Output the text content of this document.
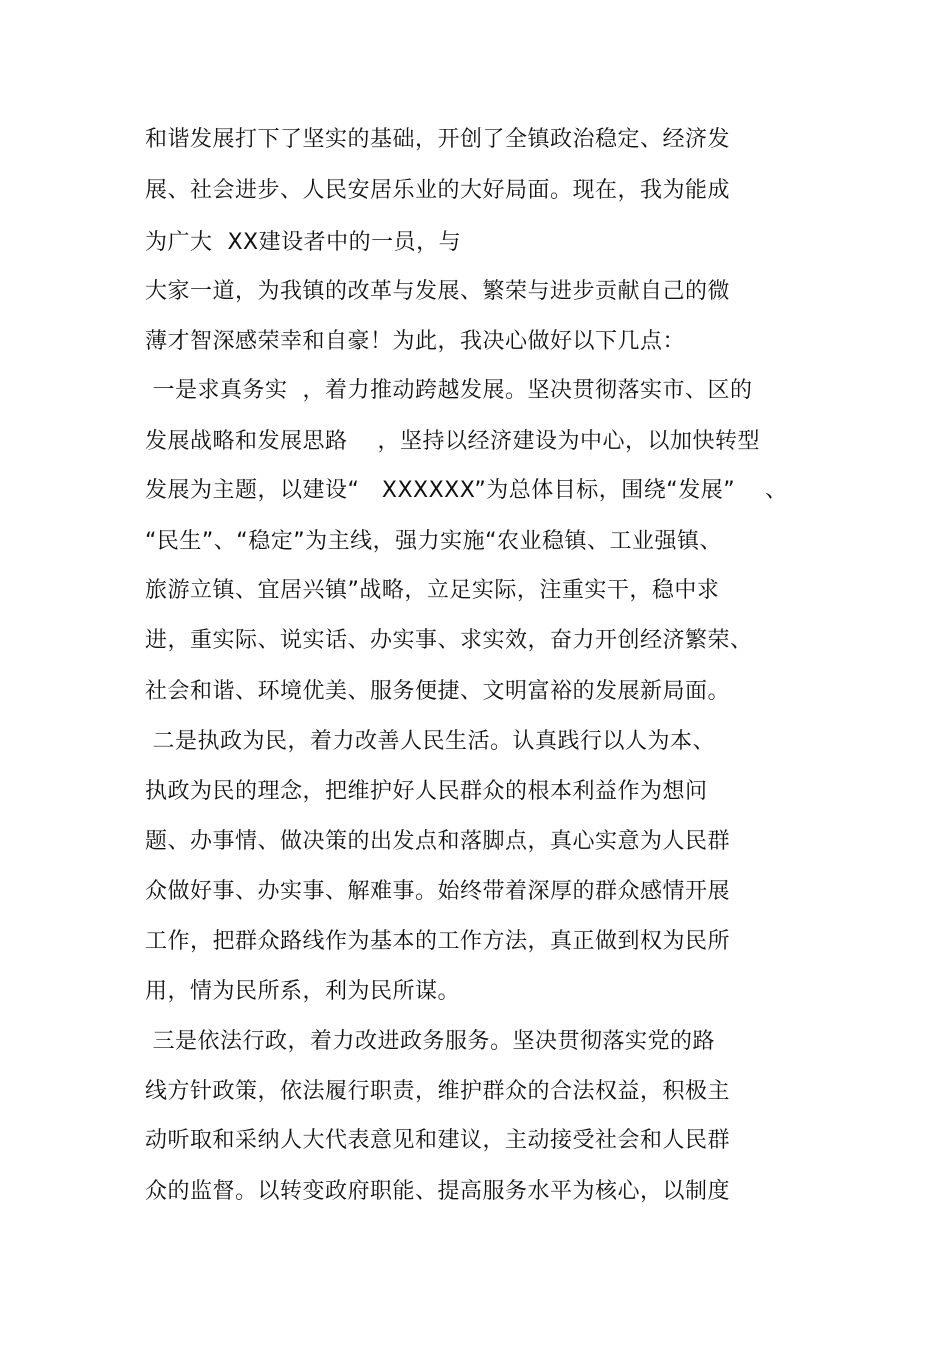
和谐发展打下了坚实的基础，开创了全镇政治稳定、经济发
展、社会进步、人民安居乐业的大好局面。现在，我为能成
为广大  XX建设者中的一员，与
大家一道，为我镇的改革与发展、繁荣与进步贡献自己的微
薄才智深感荣幸和自豪！为此，我决心做好以下几点：
一是求真务实  ，着力推动跨越发展。坚决贯彻落实市、区的
发展战略和发展思路    ，坚持以经济建设为中心，以加快转型
发展为主题，以建设“   XXXXXX”为总体目标，围绕“发展”    、
“民生”、“稳定”为主线，强力实施“农业稳镇、工业强镇、
旅游立镇、宜居兴镇”战略，立足实际，注重实干，稳中求
进，重实际、说实话、办实事、求实效，奋力开创经济繁荣、
社会和谐、环境优美、服务便捷、文明富裕的发展新局面。
二是执政为民，着力改善人民生活。认真践行以人为本、
执政为民的理念，把维护好人民群众的根本利益作为想问
题、办事情、做决策的出发点和落脚点，真心实意为人民群
众做好事、办实事、解难事。始终带着深厚的群众感情开展
工作，把群众路线作为基本的工作方法，真正做到权为民所
用，情为民所系，利为民所谋。
三是依法行政，着力改进政务服务。坚决贯彻落实党的路
线方针政策，依法履行职责，维护群众的合法权益，积极主
动听取和采纳人大代表意见和建议，主动接受社会和人民群
众的监督。以转变政府职能、提高服务水平为核心，以制度
